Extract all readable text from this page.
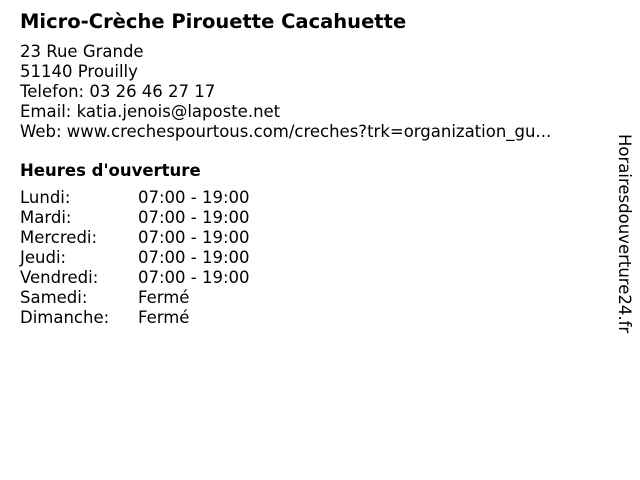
Micro-Crèche Pirouette Cacahuette
23 Rue Grande
51140 Prouilly
Telefon: 03 26 46 27 17
Email: katia.jenois@laposte.net
Web: www.crechespourtous.com/creches?trk=organization_gu...
Heures d'ouverture
Lundi:	07:00 - 19:00
Mardi:	07:00 - 19:00
Mercredi:	07:00 - 19:00
Jeudi:	07:00 - 19:00
Vendredi:	07:00 - 19:00
Samedi:	Fermé
Dimanche:	Fermé	Horairesdouverture24.fr
